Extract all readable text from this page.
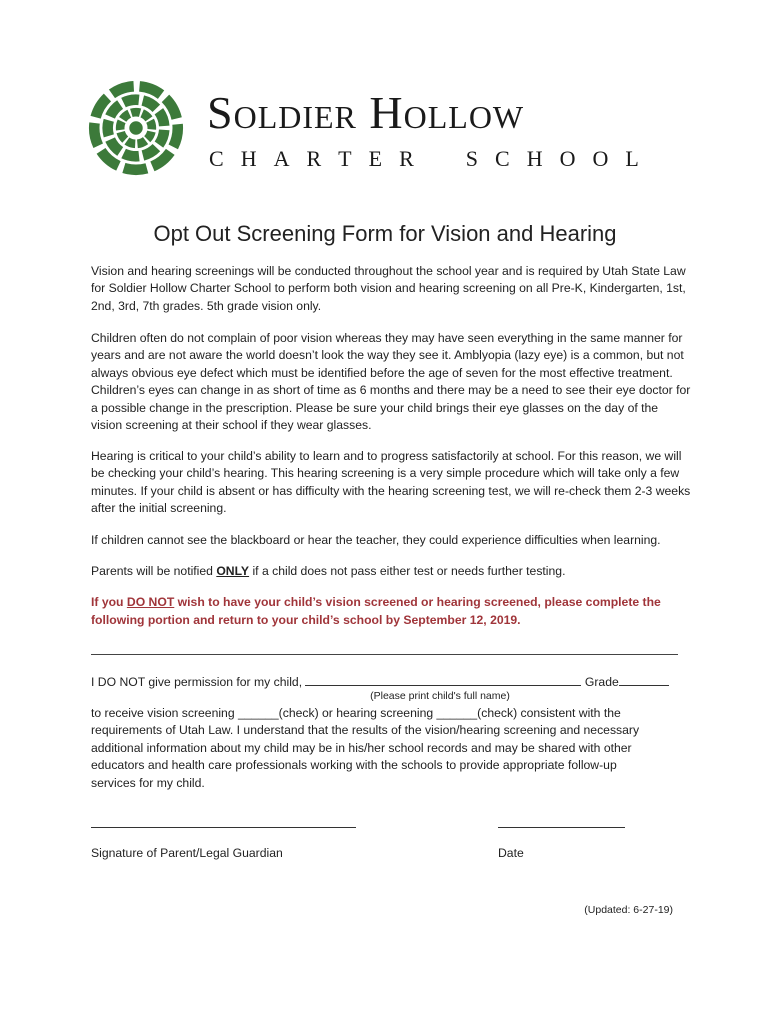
Soldier Hollow
C H A R T E R S C H O O L
Opt Out Screening Form for Vision and Hearing
Vision and hearing screenings will be conducted throughout the school year and is required by Utah State Law for Soldier Hollow Charter School to perform both vision and hearing screening on all Pre-K, Kindergarten, 1st, 2nd, 3rd, 7th grades. 5th grade vision only.
Children often do not complain of poor vision whereas they may have seen everything in the same manner for years and are not aware the world doesn’t look the way they see it. Amblyopia (lazy eye) is a common, but not always obvious eye defect which must be identified before the age of seven for the most effective treatment. Children’s eyes can change in as short of time as 6 months and there may be a need to see their eye doctor for a possible change in the prescription. Please be sure your child brings their eye glasses on the day of the vision screening at their school if they wear glasses.
Hearing is critical to your child’s ability to learn and to progress satisfactorily at school. For this reason, we will be checking your child’s hearing. This hearing screening is a very simple procedure which will take only a few minutes. If your child is absent or has difficulty with the hearing screening test, we will re-check them 2-3 weeks after the initial screening.
If children cannot see the blackboard or hear the teacher, they could experience difficulties when learning.
Parents will be notified ONLY if a child does not pass either test or needs further testing.
If you DO NOT wish to have your child’s vision screened or hearing screened, please complete the following portion and return to your child’s school by September 12, 2019.
I DO NOT give permission for my child,	Grade
(Please print child's full name)
to receive vision screening ______(check) or hearing screening ______(check) consistent with the requirements of Utah Law. I understand that the results of the vision/hearing screening and necessary additional information about my child may be in his/her school records and may be shared with other educators and health care professionals working with the schools to provide appropriate follow-up services for my child.
Signature of Parent/Legal Guardian	Date
(Updated: 6-27-19)
